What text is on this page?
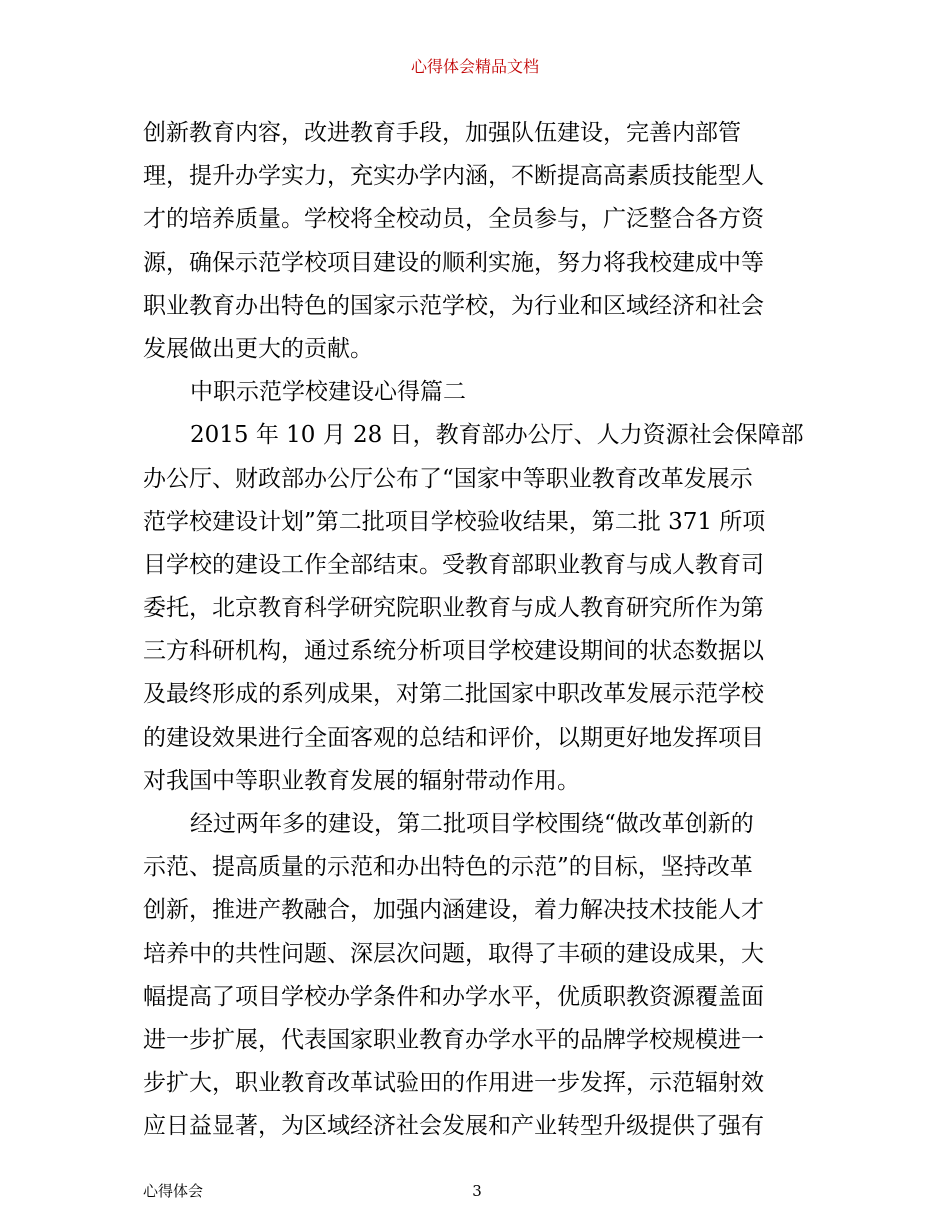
心得体会精品文档
创新教育内容，改进教育手段，加强队伍建设，完善内部管
理，提升办学实力，充实办学内涵，不断提高高素质技能型人
才的培养质量。学校将全校动员，全员参与，广泛整合各方资
源，确保示范学校项目建设的顺利实施，努力将我校建成中等
职业教育办出特色的国家示范学校，为行业和区域经济和社会
发展做出更大的贡献。
中职示范学校建设心得篇二
2015 年 10 月 28 日，教育部办公厅、人力资源社会保障部
办公厅、财政部办公厅公布了“国家中等职业教育改革发展示
范学校建设计划”第二批项目学校验收结果，第二批 371 所项
目学校的建设工作全部结束。受教育部职业教育与成人教育司
委托，北京教育科学研究院职业教育与成人教育研究所作为第
三方科研机构，通过系统分析项目学校建设期间的状态数据以
及最终形成的系列成果，对第二批国家中职改革发展示范学校
的建设效果进行全面客观的总结和评价，以期更好地发挥项目
对我国中等职业教育发展的辐射带动作用。
经过两年多的建设，第二批项目学校围绕“做改革创新的
示范、提高质量的示范和办出特色的示范”的目标，坚持改革
创新，推进产教融合，加强内涵建设，着力解决技术技能人才
培养中的共性问题、深层次问题，取得了丰硕的建设成果，大
幅提高了项目学校办学条件和办学水平，优质职教资源覆盖面
进一步扩展，代表国家职业教育办学水平的品牌学校规模进一
步扩大，职业教育改革试验田的作用进一步发挥，示范辐射效
应日益显著，为区域经济社会发展和产业转型升级提供了强有
心得体会	3
